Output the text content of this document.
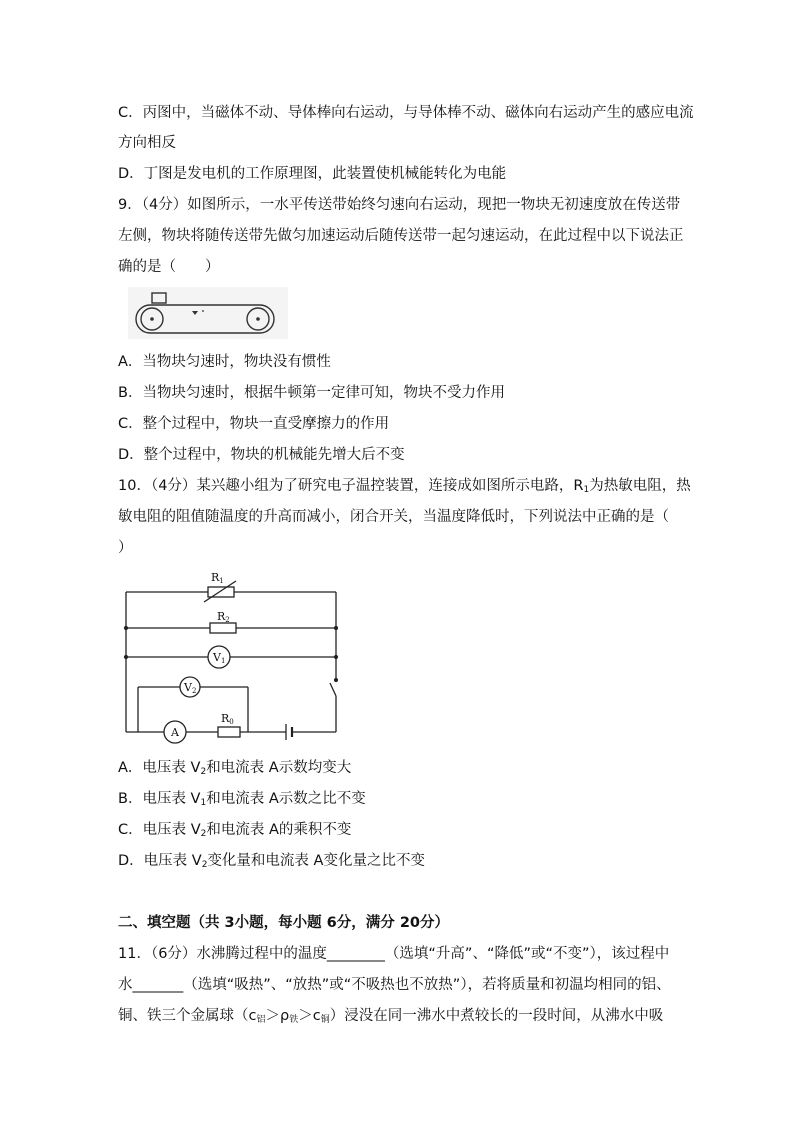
C．丙图中，当磁体不动、导体棒向右运动，与导体棒不动、磁体向右运动产生的感应电流
方向相反
D．丁图是发电机的工作原理图，此装置使机械能转化为电能
9．（4分）如图所示，一水平传送带始终匀速向右运动，现把一物块无初速度放在传送带
左侧，物块将随传送带先做匀加速运动后随传送带一起匀速运动，在此过程中以下说法正
确的是（　　）
A．当物块匀速时，物块没有惯性
B．当物块匀速时，根据牛顿第一定律可知，物块不受力作用
C．整个过程中，物块一直受摩擦力的作用
D．整个过程中，物块的机械能先增大后不变
10．（4分）某兴趣小组为了研究电子温控装置，连接成如图所示电路，$R_1$为热敏电阻，热
敏电阻的阻值随温度的升高而减小，闭合开关，当温度降低时，下列说法中正确的是（
）
R1
R2
V1
V2
A
R0
A．电压表 $V_2$和电流表 A示数均变大
B．电压表 $V_1$和电流表 A示数之比不变
C．电压表 $V_2$和电流表 A的乘积不变
D．电压表 $V_2$变化量和电流表 A变化量之比不变
二、填空题（共 3小题，每小题 6分，满分 20分）
11．（6分）水沸腾过程中的温度________（选填“升高”、“降低”或“不变”），该过程中
水_______（选填“吸热”、“放热”或“不吸热也不放热”），若将质量和初温均相同的铝、
铜、铁三个金属球$(c_铝>\rho_铁>c_铜)$浸没在同一沸水中煮较长的一段时间，从沸水中吸
